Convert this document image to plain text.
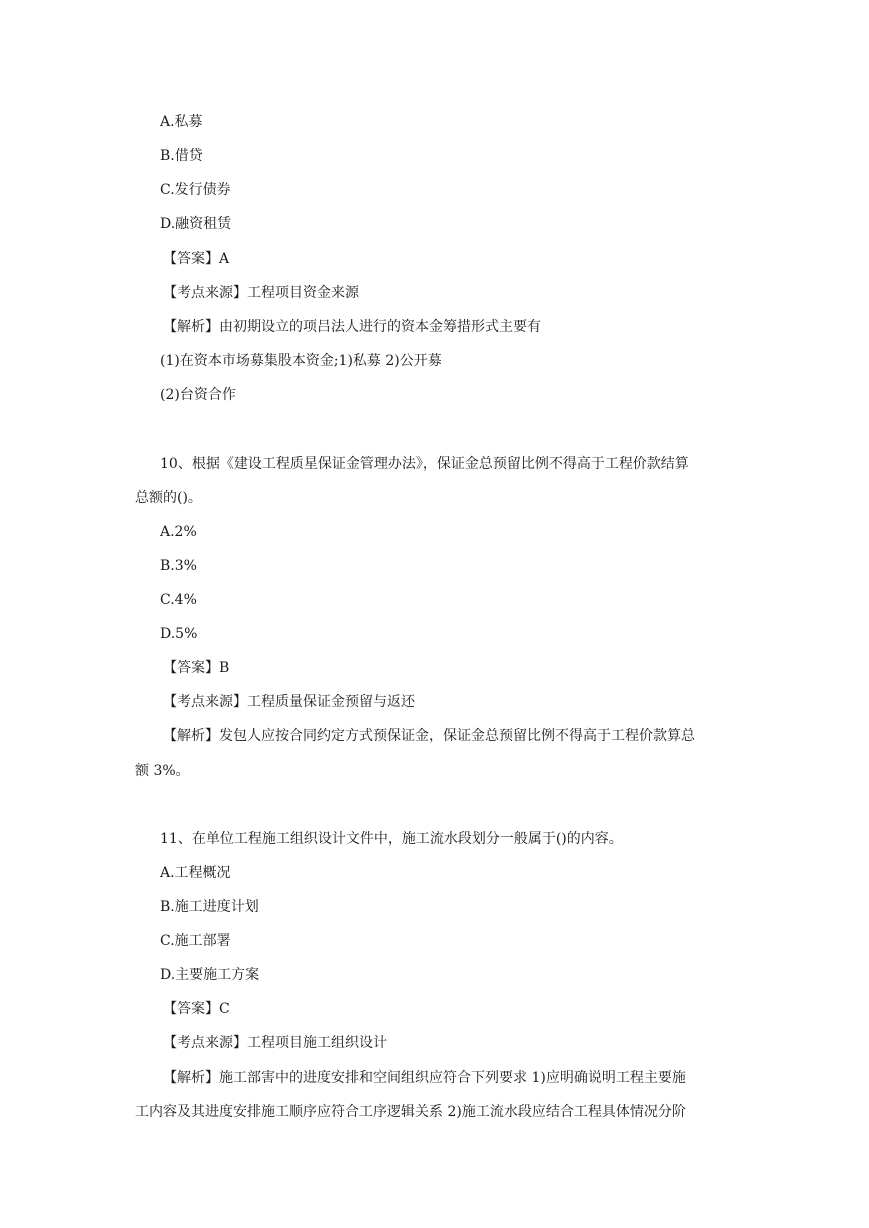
A.私募
B.借贷
C.发行债券
D.融资租赁
【答案】A
【考点来源】工程项目资金来源
【解析】由初期设立的项吕法人进行的资本金筹措形式主要有
(1)在资本市场募集股本资金;1)私募 2)公开募
(2)台资合作
10、根据《建设工程质星保证金管理办法》，保证金总预留比例不得高于工程价款结算
总额的()。
A.2%
B.3%
C.4%
D.5%
【答案】B
【考点来源】工程质量保证金预留与返还
【解析】发包人应按合同约定方式预保证金，保证金总预留比例不得高于工程价款算总
额 3%。
11、在单位工程施工组织设计文件中，施工流水段划分一般属于()的内容。
A.工程概况
B.施工进度计划
C.施工部署
D.主要施工方案
【答案】C
【考点来源】工程项目施工组织设计
【解析】施工部害中的进度安排和空间组织应符合下列要求 1)应明确说明工程主要施
工内容及其进度安排施工顺序应符合工序逻辑关系 2)施工流水段应结合工程具体情况分阶
